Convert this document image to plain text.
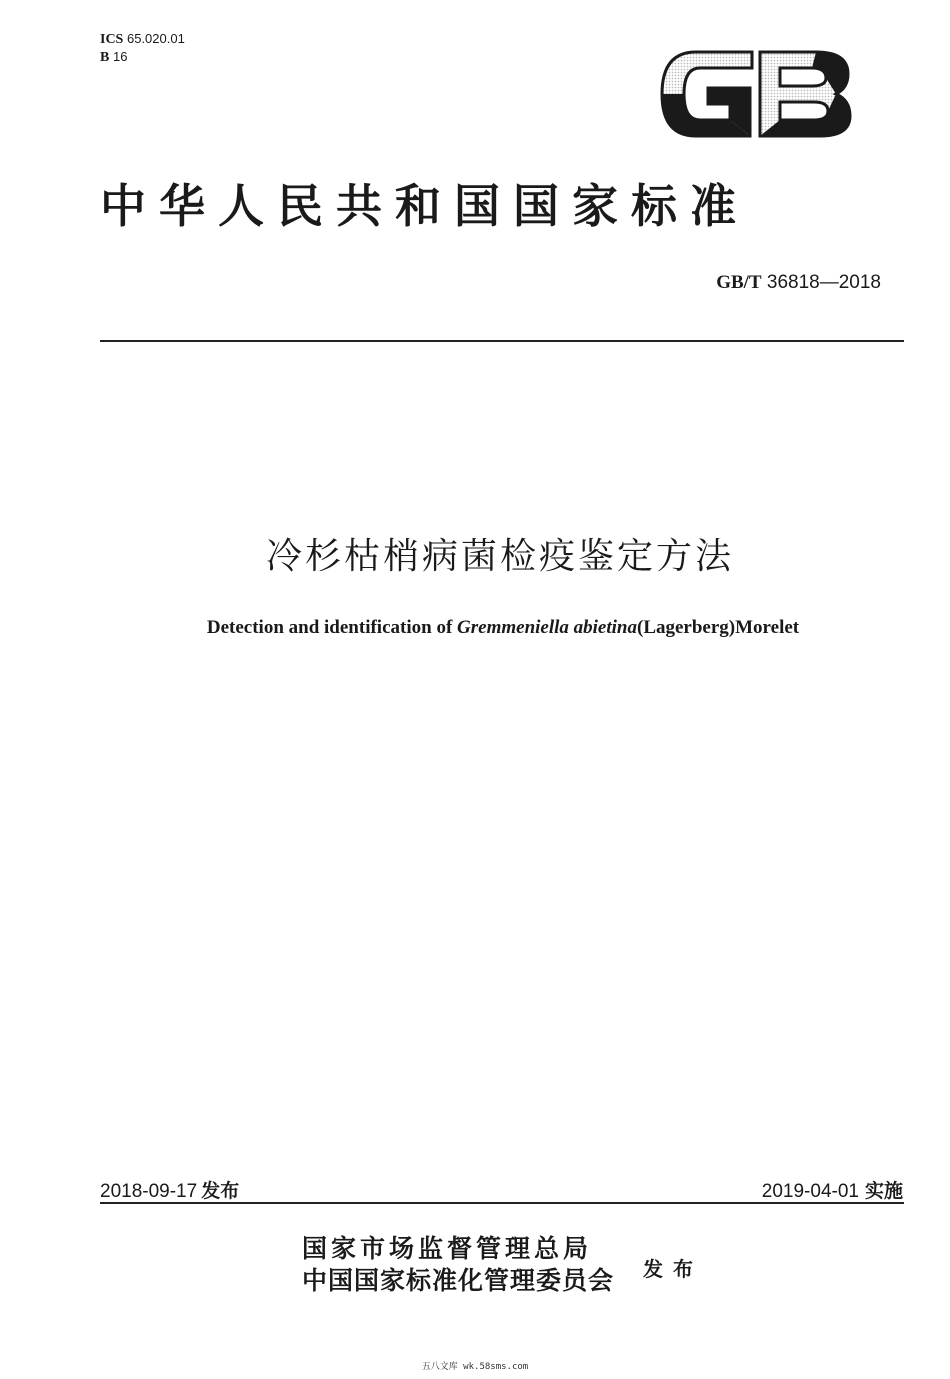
ICS 65.020.01
B 16
中华人民共和国国家标准
GB/T 36818—2018
冷杉枯梢病菌检疫鉴定方法
Detection and identification of Gremmeniella abietina(Lagerberg)Morelet
2018-09-17 发布	2019-04-01 实施
国家市场监督管理总局
中国国家标准化管理委员会 发布
五八文库 wk.58sms.com
